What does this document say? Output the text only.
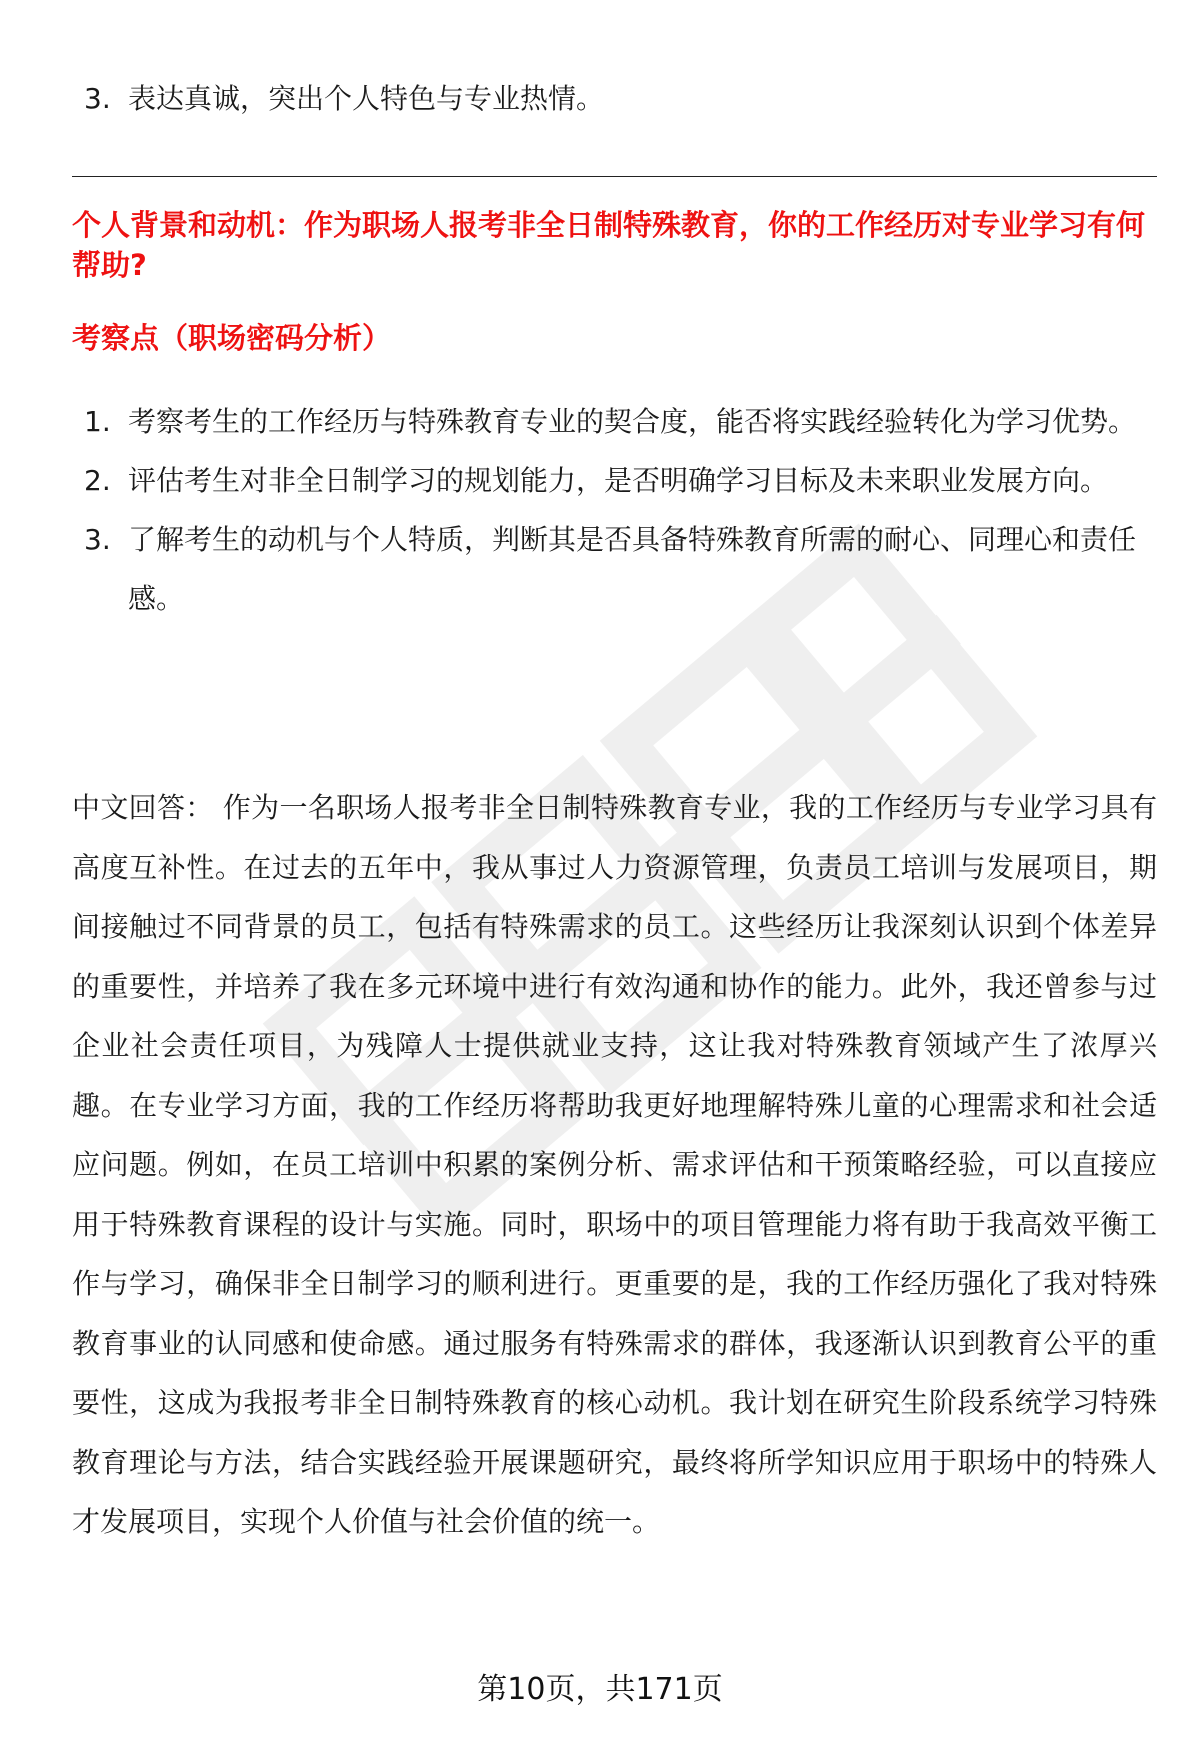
3. 表达真诚，突出个人特色与专业热情。
个人背景和动机：作为职场人报考非全日制特殊教育，你的工作经历对专业学习有何帮助?
考察点（职场密码分析）
1. 考察考生的工作经历与特殊教育专业的契合度，能否将实践经验转化为学习优势。
2. 评估考生对非全日制学习的规划能力，是否明确学习目标及未来职业发展方向。
3. 了解考生的动机与个人特质，判断其是否具备特殊教育所需的耐心、同理心和责任感。
中文回答： 作为一名职场人报考非全日制特殊教育专业，我的工作经历与专业学习具有高度互补性。在过去的五年中，我从事过人力资源管理，负责员工培训与发展项目，期间接触过不同背景的员工，包括有特殊需求的员工。这些经历让我深刻认识到个体差异的重要性，并培养了我在多元环境中进行有效沟通和协作的能力。此外，我还曾参与过企业社会责任项目，为残障人士提供就业支持，这让我对特殊教育领域产生了浓厚兴趣。在专业学习方面，我的工作经历将帮助我更好地理解特殊儿童的心理需求和社会适应问题。例如，在员工培训中积累的案例分析、需求评估和干预策略经验，可以直接应用于特殊教育课程的设计与实施。同时，职场中的项目管理能力将有助于我高效平衡工作与学习，确保非全日制学习的顺利进行。更重要的是，我的工作经历强化了我对特殊教育事业的认同感和使命感。通过服务有特殊需求的群体，我逐渐认识到教育公平的重要性，这成为我报考非全日制特殊教育的核心动机。我计划在研究生阶段系统学习特殊教育理论与方法，结合实践经验开展课题研究，最终将所学知识应用于职场中的特殊人才发展项目，实现个人价值与社会价值的统一。
第10页，共171页
